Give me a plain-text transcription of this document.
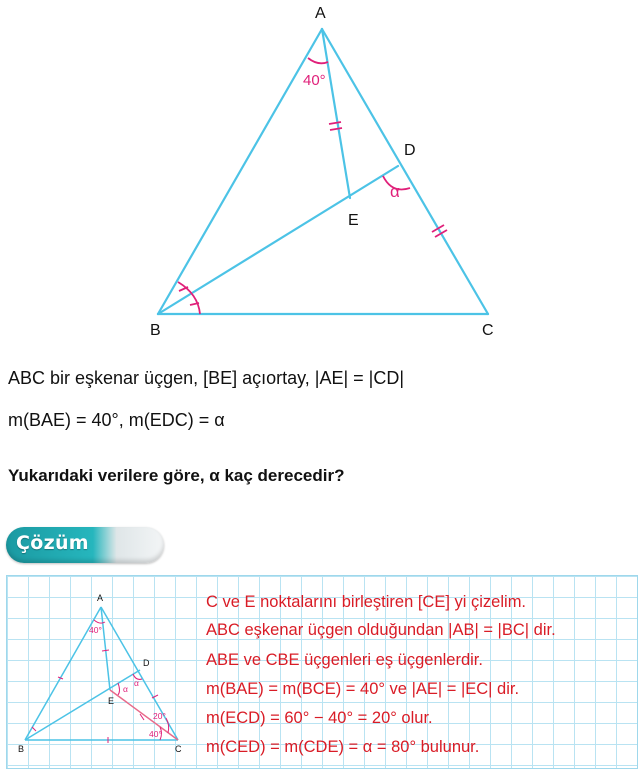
A
B	C
D
E
40°
α
ABC bir eşkenar üçgen, [BE] açıortay, |AE| = |CD|
m(BAE) = 40°, m(EDC) = α
Yukarıdaki verilere göre, α kaç derecedir?
Çözüm
A
B	C
D
E
40°
α
α
20°
40°
C ve E noktalarını birleştiren [CE] yi çizelim.
ABC eşkenar üçgen olduğundan |AB| = |BC| dir.
ABE ve CBE üçgenleri eş üçgenlerdir.
m(BAE) = m(BCE) = 40° ve |AE| = |EC| dir.
m(ECD) = 60° − 40° = 20° olur.
m(CED) = m(CDE) = α = 80° bulunur.
